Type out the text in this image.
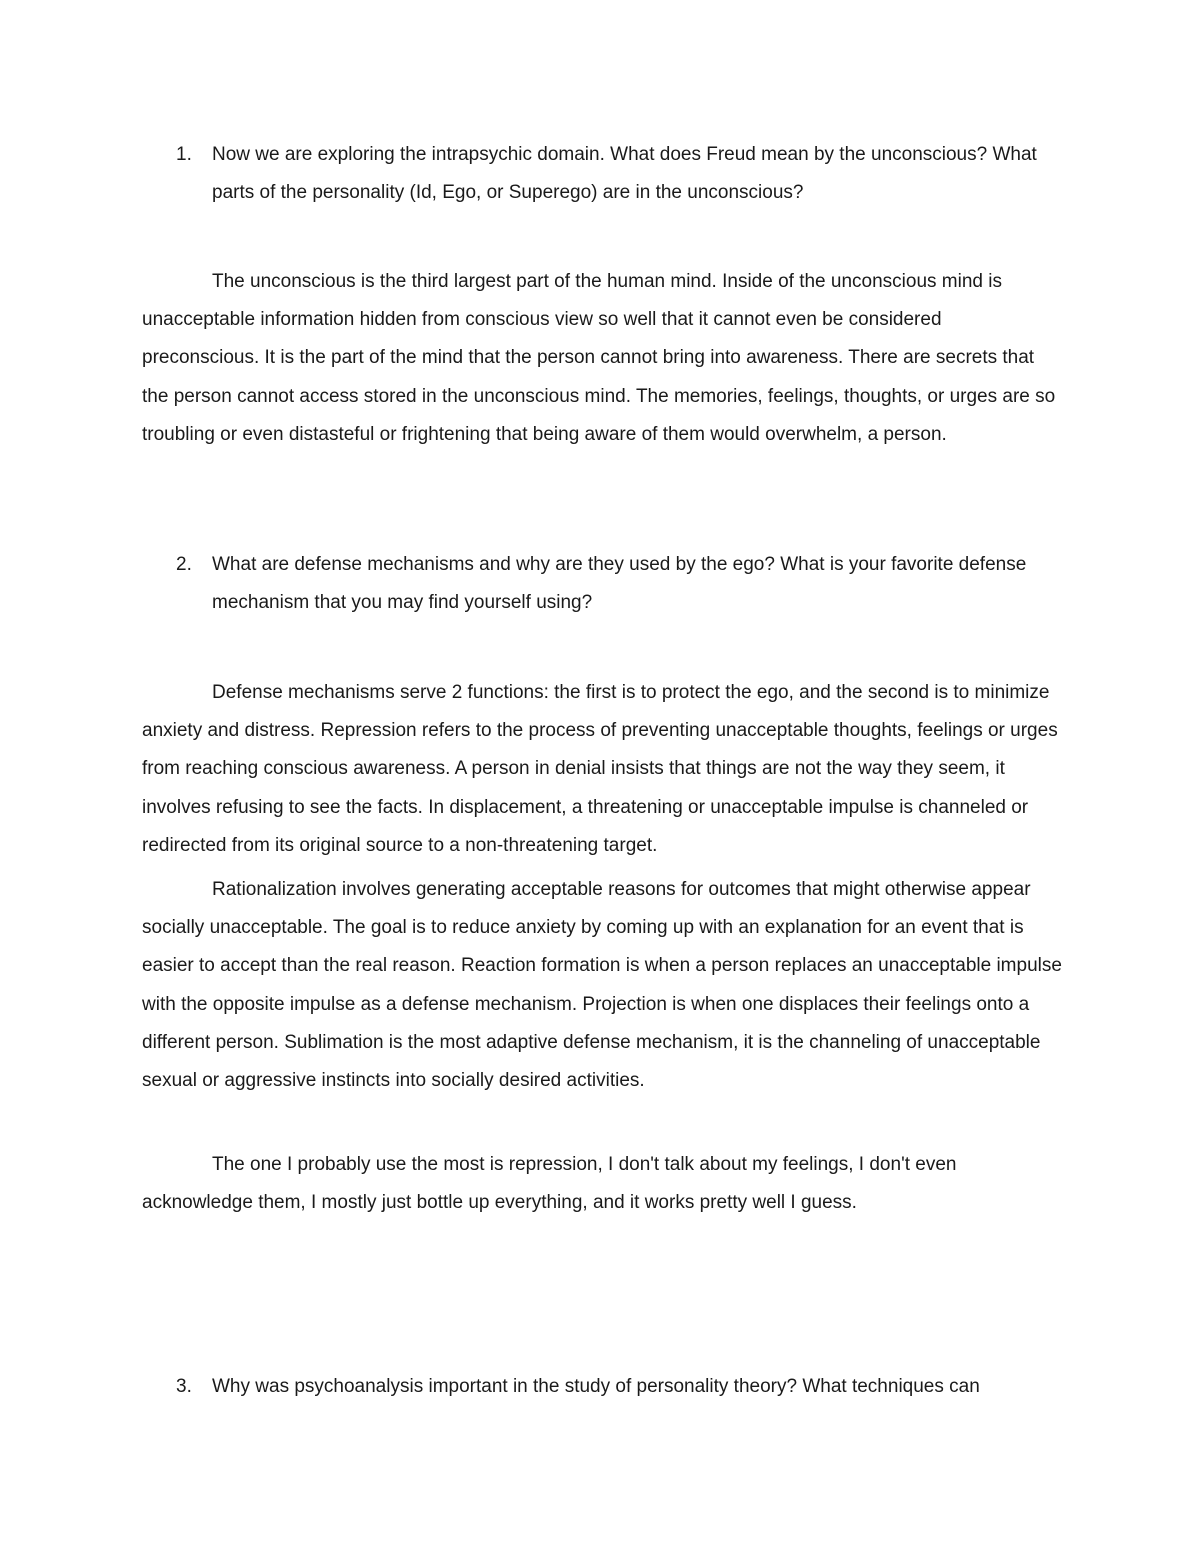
1. Now we are exploring the intrapsychic domain. What does Freud mean by the unconscious? What parts of the personality (Id, Ego, or Superego) are in the unconscious?

The unconscious is the third largest part of the human mind. Inside of the unconscious mind is unacceptable information hidden from conscious view so well that it cannot even be considered preconscious. It is the part of the mind that the person cannot bring into awareness. There are secrets that the person cannot access stored in the unconscious mind. The memories, feelings, thoughts, or urges are so troubling or even distasteful or frightening that being aware of them would overwhelm, a person.

2. What are defense mechanisms and why are they used by the ego? What is your favorite defense mechanism that you may find yourself using?

Defense mechanisms serve 2 functions: the first is to protect the ego, and the second is to minimize anxiety and distress. Repression refers to the process of preventing unacceptable thoughts, feelings or urges from reaching conscious awareness. A person in denial insists that things are not the way they seem, it involves refusing to see the facts. In displacement, a threatening or unacceptable impulse is channeled or redirected from its original source to a non-threatening target.

Rationalization involves generating acceptable reasons for outcomes that might otherwise appear socially unacceptable. The goal is to reduce anxiety by coming up with an explanation for an event that is easier to accept than the real reason. Reaction formation is when a person replaces an unacceptable impulse with the opposite impulse as a defense mechanism. Projection is when one displaces their feelings onto a different person. Sublimation is the most adaptive defense mechanism, it is the channeling of unacceptable sexual or aggressive instincts into socially desired activities.

The one I probably use the most is repression, I don't talk about my feelings, I don't even acknowledge them, I mostly just bottle up everything, and it works pretty well I guess.

3. Why was psychoanalysis important in the study of personality theory? What techniques can
